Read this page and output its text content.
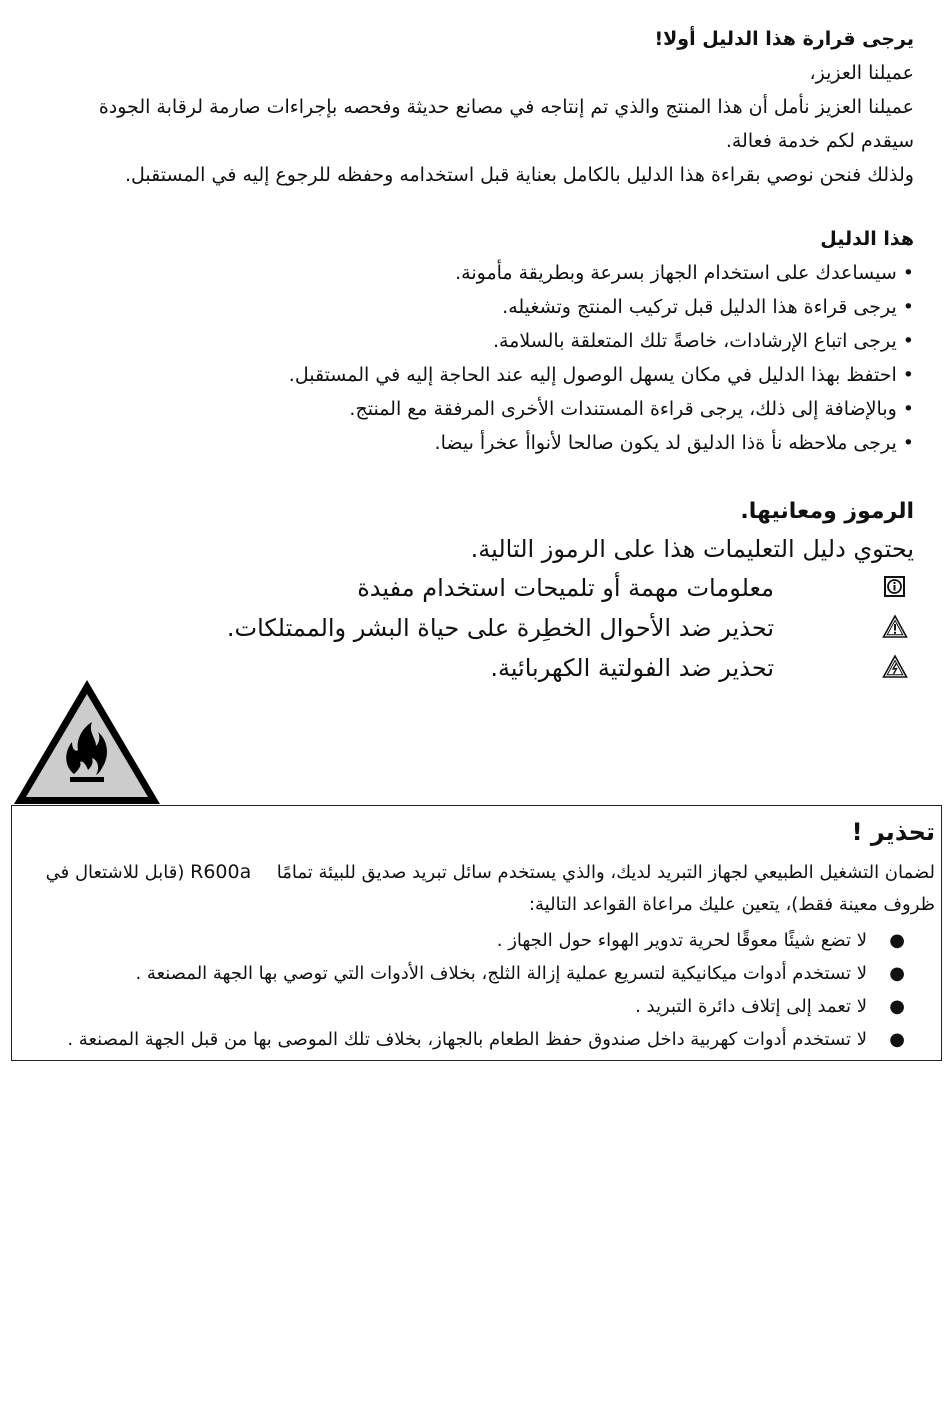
يرجى قرارة هذا الدليل أولا!
عميلنا العزيز،
عميلنا العزيز نأمل أن هذا المنتج والذي تم إنتاجه في مصانع حديثة وفحصه بإجراءات صارمة لرقابة الجودة
سيقدم لكم خدمة فعالة.
ولذلك فنحن نوصي بقراءة هذا الدليل بالكامل بعناية قبل استخدامه وحفظه للرجوع إليه في المستقبل.
هذا الدليل
•سيساعدك على استخدام الجهاز بسرعة وبطريقة مأمونة.
•يرجى قراءة هذا الدليل قبل تركيب المنتج وتشغيله.
•يرجى اتباع الإرشادات، خاصةً تلك المتعلقة بالسلامة.
•احتفظ بهذا الدليل في مكان يسهل الوصول إليه عند الحاجة إليه في المستقبل.
•وبالإضافة إلى ذلك، يرجى قراءة المستندات الأخرى المرفقة مع المنتج.
•يرجى ملاحظه نأ ةذا الدليق لد يكون صالحا لأنواأ عخرأ ىيضا.
الرموز ومعانيها.
يحتوي دليل التعليمات هذا على الرموز التالية.
معلومات مهمة أو تلميحات استخدام مفيدة
تحذير ضد الأحوال الخطِرة على حياة البشر والممتلكات.
تحذير ضد الفولتية الكهربائية.
تحذير !
لضمان التشغيل الطبيعي لجهاز التبريد لديك، والذي يستخدم سائل تبريد صديق للبيئة تمامًا  R600a (قابل للاشتعال في
ظروف معينة فقط)، يتعين عليك مراعاة القواعد التالية:
●
لا تضع شيئًا معوقًا لحرية تدوير الهواء حول الجهاز .
●
لا تستخدم أدوات ميكانيكية لتسريع عملية إزالة الثلج، بخلاف الأدوات التي توصي بها الجهة المصنعة .
●
لا تعمد إلى إتلاف دائرة التبريد .
●
لا تستخدم أدوات كهربية داخل صندوق حفظ الطعام بالجهاز، بخلاف تلك الموصى بها من قبل الجهة المصنعة .
